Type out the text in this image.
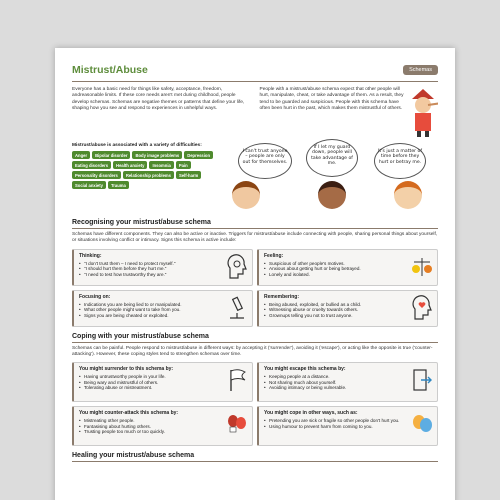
Mistrust/Abuse	Schemas

Everyone has a basic need for things like safety, acceptance, freedom, andreasonable limits. If these core needs aren't met during childhood, people develop schemas. Schemas are negative themes or patterns that define your life, shaping how you see and respond to experiences in unhelpful ways.

People with a mistrust/abuse schema expect that other people will hurt, manipulate, cheat, or take advantage of them. As a result, they tend to be guarded and suspicious. People with this schema have often been hurt in the past, which makes them mistrustful of others.

Mistrust/abuse is associated with a variety of difficulties:
Anger	Bipolar disorder	Body image problems	Depression
Eating disorders	Health anxiety	Insomnia	Pain
Personality disorders	Relationship problems	Self-harm
Social anxiety	Trauma
I can't trust anyone – people are only out for themselves.
If I let my guard down, people will take advantage of me.
It's just a matter of time before they hurt or betray me.
Recognising your mistrust/abuse schema

Schemas have different components. They can also be active or inactive. Triggers for mistrust/abuse include connecting with people, sharing personal things about yourself, or situations involving conflict or intimacy. Signs this schema is active include:

Thinking:
• "I don't trust them – I need to protect myself."
• "I should hurt them before they hurt me."
• "I need to test how trustworthy they are."
Feeling:
• Suspicious of other people's motives.
• Anxious about getting hurt or being betrayed.
• Lonely and isolated.
Focusing on:
• Indications you are being lied to or manipulated.
• What other people might want to take from you.
• Signs you are being cheated or exploited.
Remembering:
• Being abused, exploited, or bullied as a child.
• Witnessing abuse or cruelty towards others.
• Grownups telling you not to trust anyone.
Coping with your mistrust/abuse schema

Schemas can be painful. People respond to mistrust/abuse in different ways: by accepting it ('surrender'), avoiding it ('escape'), or acting like the opposite is true ('counter-attacking'). However, these coping styles tend to strengthen schemas over time.

You might surrender to this schema by:
• Having untrustworthy people in your life.
• Being wary and mistrustful of others.
• Tolerating abuse or mistreatment.
You might escape this schema by:
• Keeping people at a distance.
• Not sharing much about yourself.
• Avoiding intimacy or being vulnerable.
You might counter-attack this schema by:
• Mistreating other people.
• Fantasising about hurting others.
• Trusting people too much or too quickly.
You might cope in other ways, such as:
• Pretending you are sick or fragile so other people don't hurt you.
• Using humour to prevent harm from coming to you.
Healing your mistrust/abuse schema
